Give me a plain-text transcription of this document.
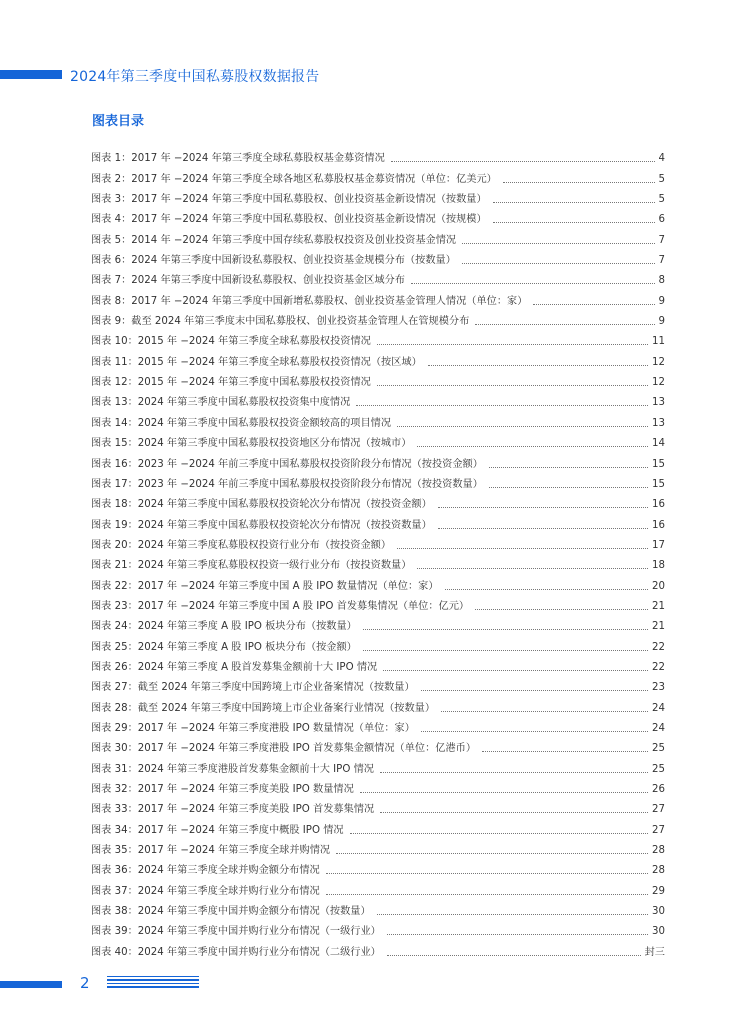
2024年第三季度中国私募股权数据报告
图表目录
图表 1：2017 年 −2024 年第三季度全球私募股权基金募资情况	4
图表 2：2017 年 −2024 年第三季度全球各地区私募股权基金募资情况（单位：亿美元）	5
图表 3：2017 年 −2024 年第三季度中国私募股权、创业投资基金新设情况（按数量）	5
图表 4：2017 年 −2024 年第三季度中国私募股权、创业投资基金新设情况（按规模）	6
图表 5：2014 年 −2024 年第三季度中国存续私募股权投资及创业投资基金情况	7
图表 6：2024 年第三季度中国新设私募股权、创业投资基金规模分布（按数量）	7
图表 7：2024 年第三季度中国新设私募股权、创业投资基金区域分布	8
图表 8：2017 年 −2024 年第三季度中国新增私募股权、创业投资基金管理人情况（单位：家）	9
图表 9：截至 2024 年第三季度末中国私募股权、创业投资基金管理人在管规模分布	9
图表 10：2015 年 −2024 年第三季度全球私募股权投资情况	11
图表 11：2015 年 −2024 年第三季度全球私募股权投资情况（按区域）	12
图表 12：2015 年 −2024 年第三季度中国私募股权投资情况	12
图表 13：2024 年第三季度中国私募股权投资集中度情况	13
图表 14：2024 年第三季度中国私募股权投资金额较高的项目情况	13
图表 15：2024 年第三季度中国私募股权投资地区分布情况（按城市）	14
图表 16：2023 年 −2024 年前三季度中国私募股权投资阶段分布情况（按投资金额）	15
图表 17：2023 年 −2024 年前三季度中国私募股权投资阶段分布情况（按投资数量）	15
图表 18：2024 年第三季度中国私募股权投资轮次分布情况（按投资金额）	16
图表 19：2024 年第三季度中国私募股权投资轮次分布情况（按投资数量）	16
图表 20：2024 年第三季度私募股权投资行业分布（按投资金额）	17
图表 21：2024 年第三季度私募股权投资一级行业分布（按投资数量）	18
图表 22：2017 年 −2024 年第三季度中国 A 股 IPO 数量情况（单位：家）	20
图表 23：2017 年 −2024 年第三季度中国 A 股 IPO 首发募集情况（单位：亿元）	21
图表 24：2024 年第三季度 A 股 IPO 板块分布（按数量）	21
图表 25：2024 年第三季度 A 股 IPO 板块分布（按金额）	22
图表 26：2024 年第三季度 A 股首发募集金额前十大 IPO 情况	22
图表 27：截至 2024 年第三季度中国跨境上市企业备案情况（按数量）	23
图表 28：截至 2024 年第三季度中国跨境上市企业备案行业情况（按数量）	24
图表 29：2017 年 −2024 年第三季度港股 IPO 数量情况（单位：家）	24
图表 30：2017 年 −2024 年第三季度港股 IPO 首发募集金额情况（单位：亿港币）	25
图表 31：2024 年第三季度港股首发募集金额前十大 IPO 情况	25
图表 32：2017 年 −2024 年第三季度美股 IPO 数量情况	26
图表 33：2017 年 −2024 年第三季度美股 IPO 首发募集情况	27
图表 34：2017 年 −2024 年第三季度中概股 IPO 情况	27
图表 35：2017 年 −2024 年第三季度全球并购情况	28
图表 36：2024 年第三季度全球并购金额分布情况	28
图表 37：2024 年第三季度全球并购行业分布情况	29
图表 38：2024 年第三季度中国并购金额分布情况（按数量）	30
图表 39：2024 年第三季度中国并购行业分布情况（一级行业）	30
图表 40：2024 年第三季度中国并购行业分布情况（二级行业）	封三
2
